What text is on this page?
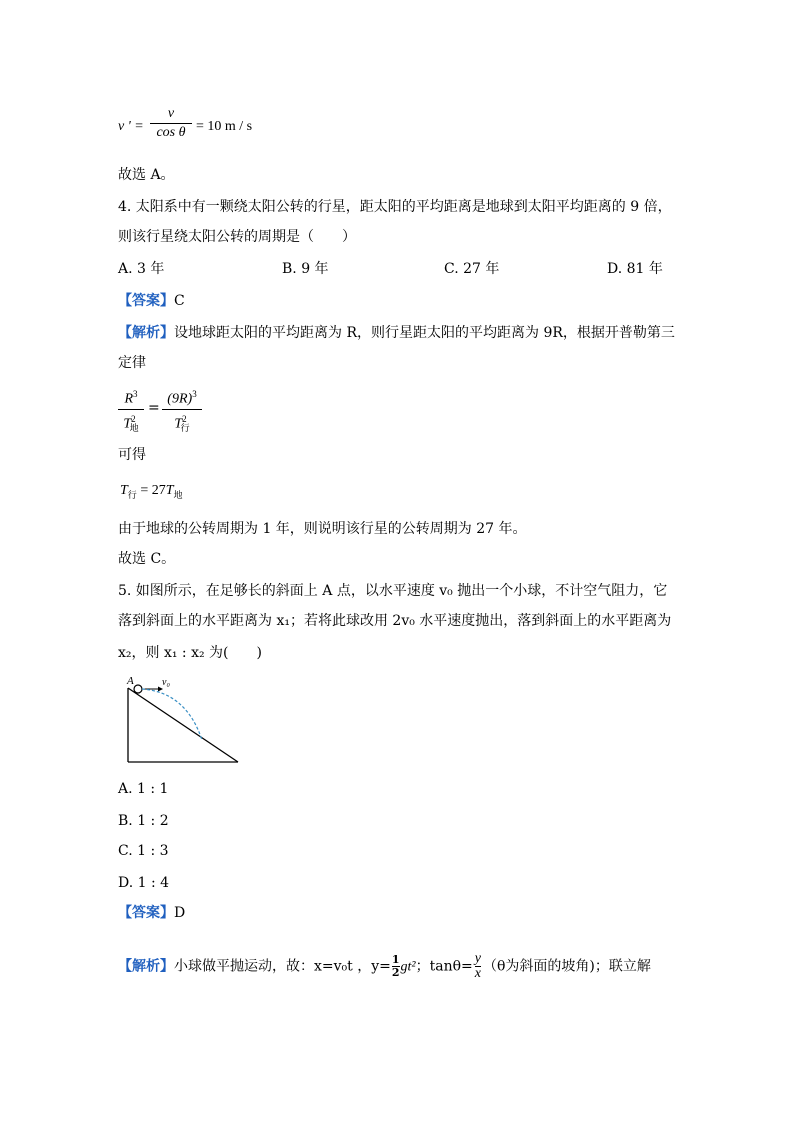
v ' =
v
cos θ = 10 m / s
故选 A。
4. 太阳系中有一颗绕太阳公转的行星，距太阳的平均距离是地球到太阳平均距离的 9 倍，
则该行星绕太阳公转的周期是（　　）
A. 3 年	B. 9 年	C. 27 年	D. 81 年
【答案】C
【解析】设地球距太阳的平均距离为 R，则行星距太阳的平均距离为 9R，根据开普勒第三
定律
$R^3$
$T^2_地$
=
$(9R)^3$
$T^2_行$
可得
$T_行 = 27T_地$
由于地球的公转周期为 1 年，则说明该行星的公转周期为 27 年。
故选 C。
5. 如图所示，在足够长的斜面上 A 点，以水平速度 v₀ 抛出一个小球，不计空气阻力，它
落到斜面上的水平距离为 x₁；若将此球改用 2v₀ 水平速度抛出，落到斜面上的水平距离为
x₂，则 x₁ : x₂ 为(　　)
A	v₀
A. 1 : 1
B. 1 : 2
C. 1 : 3
D. 1 : 4
【答案】D
【解析】小球做平抛运动，故：x=v₀t ，$y= \frac{1}{2} gt^2$；$\tan\theta= \frac{y}{x} (\theta$为斜面的坡角)；联立解
